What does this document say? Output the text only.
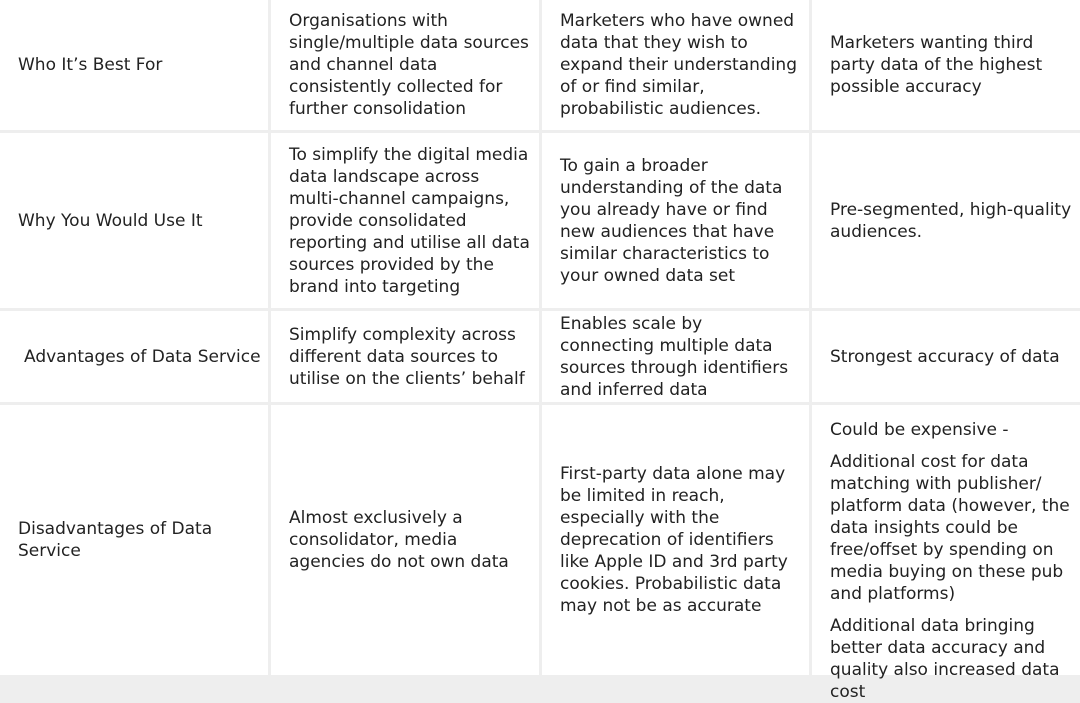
Who It’s Best For

Organisations with single/multiple data sources and channel data consistently collected for further consolidation

Marketers who have owned data that they wish to expand their understanding of or find similar, probabilistic audiences.

Marketers wanting third party data of the highest possible accuracy

Why You Would Use It

To simplify the digital media data landscape across multi-channel campaigns, provide consolidated reporting and utilise all data sources provided by the brand into targeting

To gain a broader understanding of the data you already have or find new audiences that have similar characteristics to your owned data set

Pre-segmented, high-quality audiences.

Advantages of Data Service

Simplify complexity across different data sources to utilise on the clients’ behalf

Enables scale by connecting multiple data sources through identifiers and inferred data

Strongest accuracy of data

Disadvantages of Data Service

Almost exclusively a consolidator, media agencies do not own data

First-party data alone may be limited in reach, especially with the deprecation of identifiers like Apple ID and 3rd party cookies. Probabilistic data may not be as accurate

Could be expensive -

Additional cost for data matching with publisher/ platform data (however, the data insights could be free/offset by spending on media buying on these pub and platforms)

Additional data bringing better data accuracy and quality also increased data cost
